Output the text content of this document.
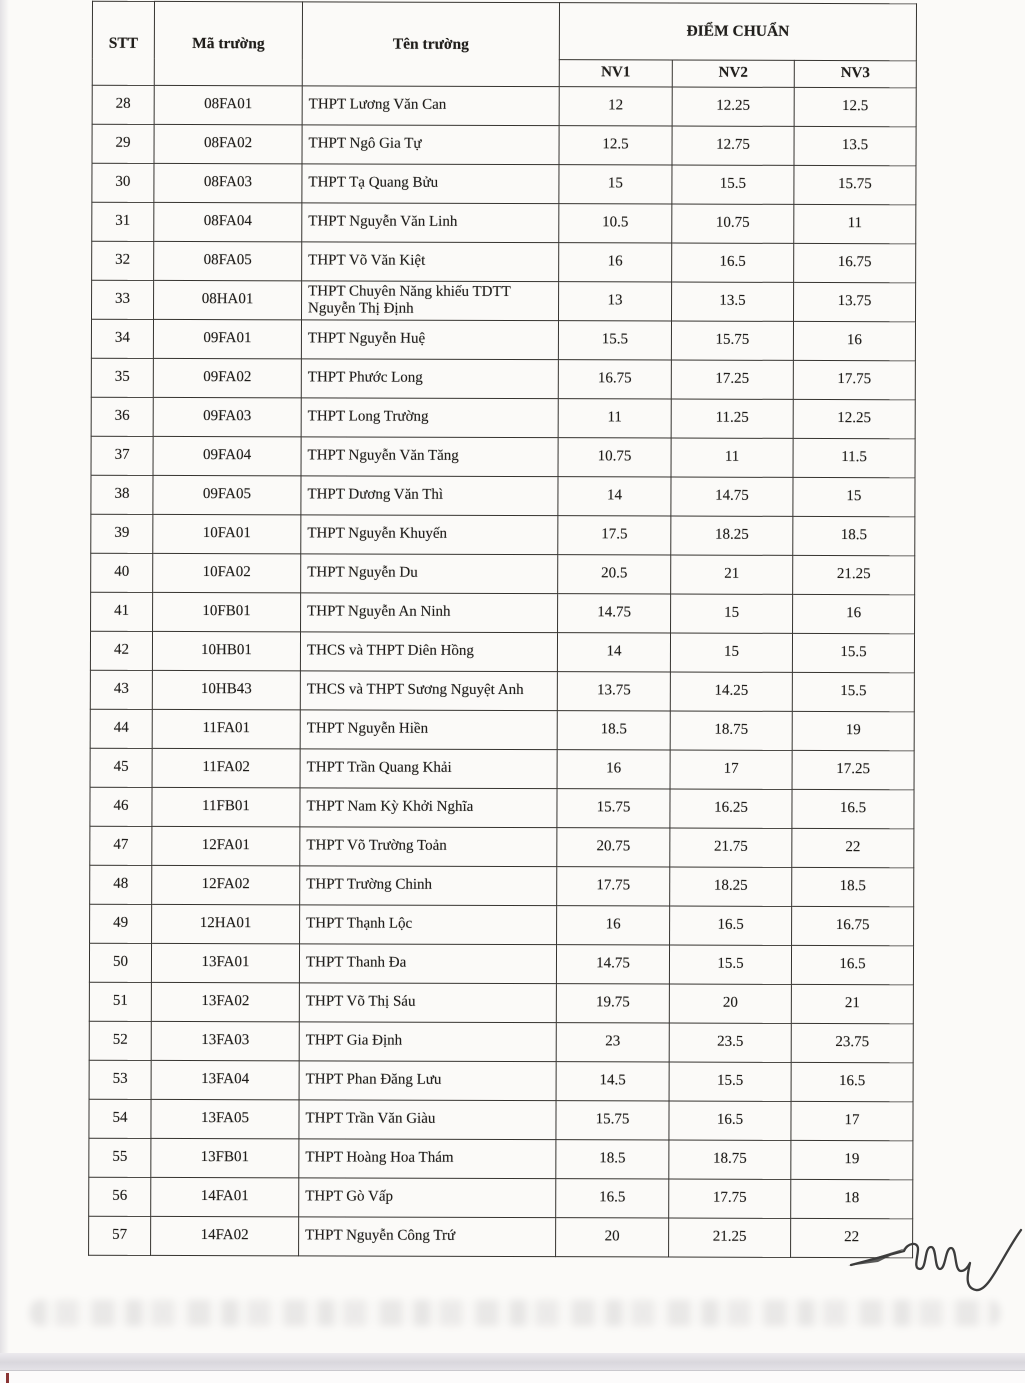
STT	Mã trường	Tên trường	ĐIỂM CHUẨN		
			NV1	NV2	NV3
28	08FA01	THPT Lương Văn Can	12	12.25	12.5
29	08FA02	THPT Ngô Gia Tự	12.5	12.75	13.5
30	08FA03	THPT Tạ Quang Bửu	15	15.5	15.75
31	08FA04	THPT Nguyễn Văn Linh	10.5	10.75	11
32	08FA05	THPT Võ Văn Kiệt	16	16.5	16.75
33	08HA01	THPT Chuyên Năng khiếu TDTT Nguyễn Thị Định	13	13.5	13.75
34	09FA01	THPT Nguyễn Huệ	15.5	15.75	16
35	09FA02	THPT Phước Long	16.75	17.25	17.75
36	09FA03	THPT Long Trường	11	11.25	12.25
37	09FA04	THPT Nguyễn Văn Tăng	10.75	11	11.5
38	09FA05	THPT Dương Văn Thì	14	14.75	15
39	10FA01	THPT Nguyễn Khuyến	17.5	18.25	18.5
40	10FA02	THPT Nguyễn Du	20.5	21	21.25
41	10FB01	THPT Nguyễn An Ninh	14.75	15	16
42	10HB01	THCS và THPT Diên Hồng	14	15	15.5
43	10HB43	THCS và THPT Sương Nguyệt Anh	13.75	14.25	15.5
44	11FA01	THPT Nguyễn Hiền	18.5	18.75	19
45	11FA02	THPT Trần Quang Khải	16	17	17.25
46	11FB01	THPT Nam Kỳ Khởi Nghĩa	15.75	16.25	16.5
47	12FA01	THPT Võ Trường Toản	20.75	21.75	22
48	12FA02	THPT Trường Chinh	17.75	18.25	18.5
49	12HA01	THPT Thạnh Lộc	16	16.5	16.75
50	13FA01	THPT Thanh Đa	14.75	15.5	16.5
51	13FA02	THPT Võ Thị Sáu	19.75	20	21
52	13FA03	THPT Gia Định	23	23.5	23.75
53	13FA04	THPT Phan Đăng Lưu	14.5	15.5	16.5
54	13FA05	THPT Trần Văn Giàu	15.75	16.5	17
55	13FB01	THPT Hoàng Hoa Thám	18.5	18.75	19
56	14FA01	THPT Gò Vấp	16.5	17.75	18
57	14FA02	THPT Nguyễn Công Trứ	20	21.25	22
